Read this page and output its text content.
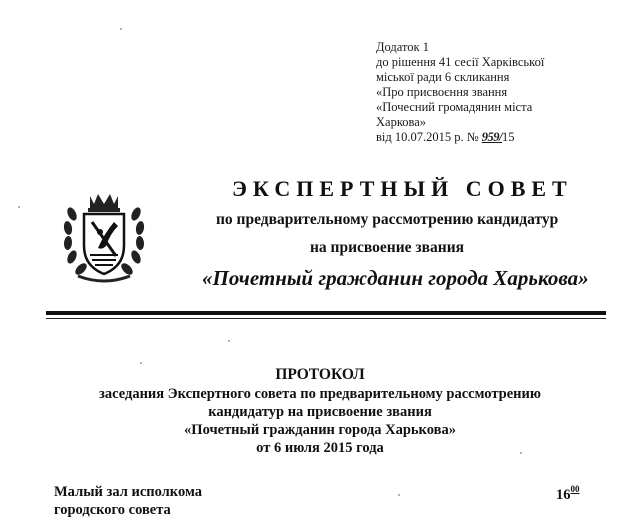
Додаток 1
до рішення 41 сесії Харківської
міської ради 6 скликання
«Про присвоєння звання
«Почесний громадянин міста
Харкова»
від 10.07.2015 р. № 959/15
ЭКСПЕРТНЫЙ СОВЕТ
по предварительному рассмотрению кандидатур
на присвоение звания
«Почетный гражданин города Харькова»
ПРОТОКОЛ
заседания Экспертного совета по предварительному рассмотрению
кандидатур на присвоение звания
«Почетный гражданин города Харькова»
от 6 июля 2015 года
Малый зал исполкома
городского совета
$16^{00}$
